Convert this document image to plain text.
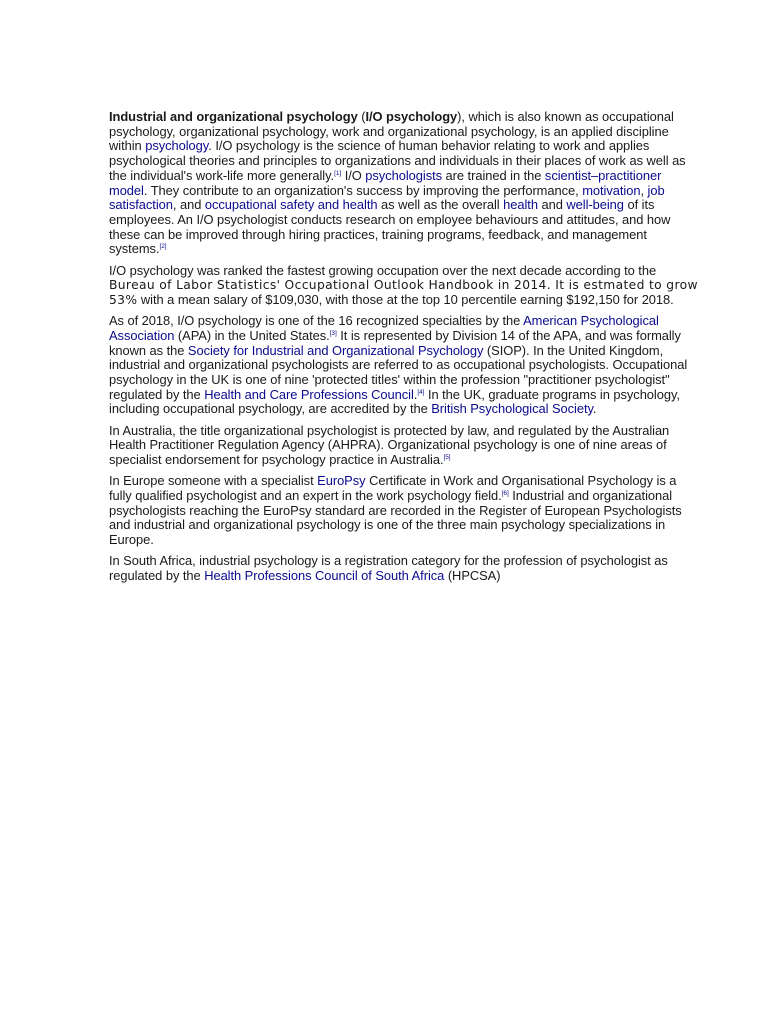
Industrial and organizational psychology (I/O psychology), which is also known as occupational psychology, organizational psychology, work and organizational psychology, is an applied discipline within psychology. I/O psychology is the science of human behavior relating to work and applies psychological theories and principles to organizations and individuals in their places of work as well as the individual's work-life more generally.[1] I/O psychologists are trained in the scientist–practitioner model. They contribute to an organization's success by improving the performance, motivation, job satisfaction, and occupational safety and health as well as the overall health and well-being of its employees. An I/O psychologist conducts research on employee behaviours and attitudes, and how these can be improved through hiring practices, training programs, feedback, and management systems.[2]

I/O psychology was ranked the fastest growing occupation over the next decade according to the Bureau of Labor Statistics' Occupational Outlook Handbook in 2014. It is estmated to grow 53% with a mean salary of $109,030, with those at the top 10 percentile earning $192,150 for 2018.

As of 2018, I/O psychology is one of the 16 recognized specialties by the American Psychological Association (APA) in the United States.[3] It is represented by Division 14 of the APA, and was formally known as the Society for Industrial and Organizational Psychology (SIOP). In the United Kingdom, industrial and organizational psychologists are referred to as occupational psychologists. Occupational psychology in the UK is one of nine 'protected titles' within the profession "practitioner psychologist" regulated by the Health and Care Professions Council.[4] In the UK, graduate programs in psychology, including occupational psychology, are accredited by the British Psychological Society.

In Australia, the title organizational psychologist is protected by law, and regulated by the Australian Health Practitioner Regulation Agency (AHPRA). Organizational psychology is one of nine areas of specialist endorsement for psychology practice in Australia.[5]

In Europe someone with a specialist EuroPsy Certificate in Work and Organisational Psychology is a fully qualified psychologist and an expert in the work psychology field.[6] Industrial and organizational psychologists reaching the EuroPsy standard are recorded in the Register of European Psychologists and industrial and organizational psychology is one of the three main psychology specializations in Europe.

In South Africa, industrial psychology is a registration category for the profession of psychologist as regulated by the Health Professions Council of South Africa (HPCSA)
